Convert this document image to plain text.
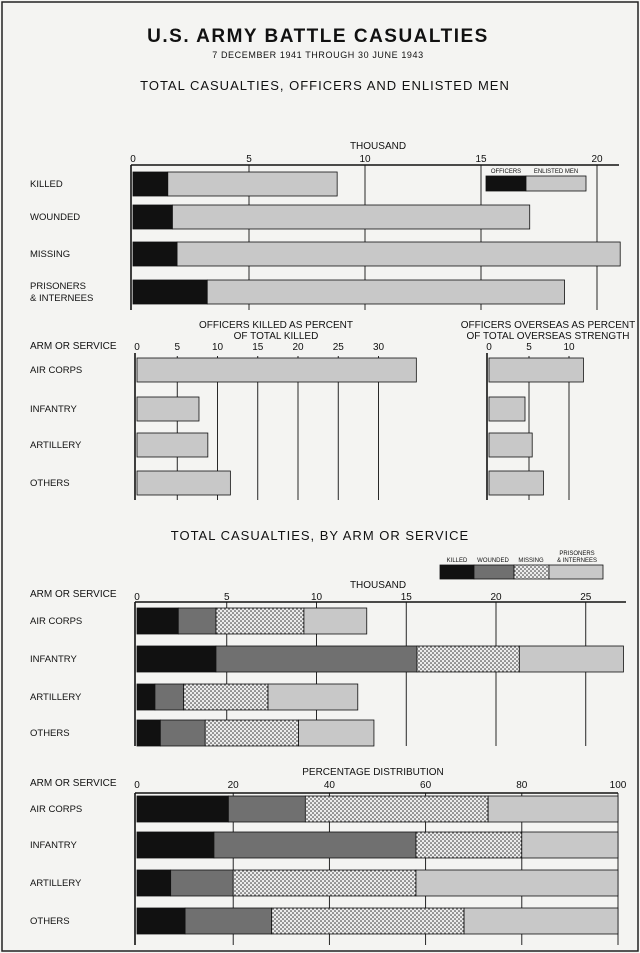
U.S. ARMY BATTLE CASUALTIES
7 DECEMBER 1941 THROUGH 30 JUNE 1943
TOTAL CASUALTIES, OFFICERS AND ENLISTED MEN
TOTAL CASUALTIES, BY ARM OR SERVICE
0	5	10	15	20
KILLED
WOUNDED
MISSING
PRISONERS
& INTERNEES
THOUSAND
OFFICERS ENLISTED MEN
0	5	10	15	20	25	30
AIR CORPS
INFANTRY
ARTILLERY
OTHERS
ARM OR SERVICE
OFFICERS KILLED AS PERCENT
OF TOTAL KILLED
0	5	10
OFFICERS OVERSEAS AS PERCENT
OF TOTAL OVERSEAS STRENGTH
0	5	10	15	20	25
AIR CORPS
INFANTRY
ARTILLERY
OTHERS
THOUSAND
ARM OR SERVICE
KILLED WOUNDED MISSING
PRISONERS
& INTERNEES
0	20	40	60	80	100
AIR CORPS
INFANTRY
ARTILLERY
OTHERS
PERCENTAGE DISTRIBUTION
ARM OR SERVICE
